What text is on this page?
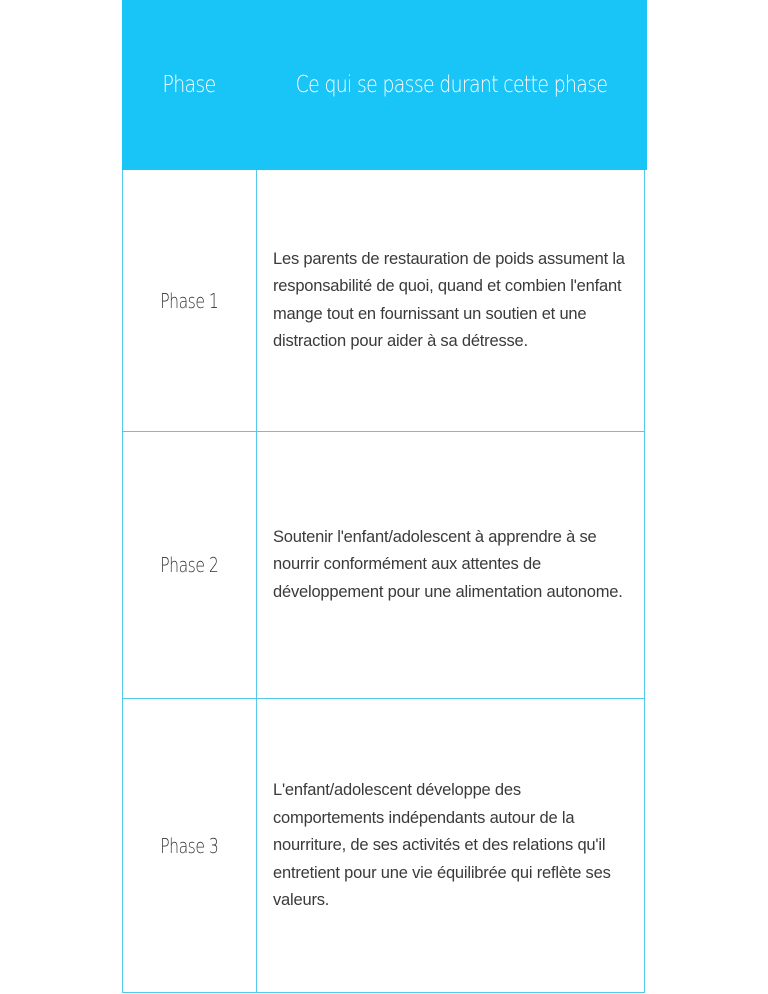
Phase	Ce qui se passe durant cette phase
Phase 1
Les parents de restauration de poids assument la responsabilité de quoi, quand et combien l'enfant mange tout en fournissant un soutien et une distraction pour aider à sa détresse.
Phase 2
Soutenir l'enfant/adolescent à apprendre à se nourrir conformément aux attentes de développement pour une alimentation autonome.
Phase 3
L'enfant/adolescent développe des comportements indépendants autour de la nourriture, de ses activités et des relations qu'il entretient pour une vie équilibrée qui reflète ses valeurs.
